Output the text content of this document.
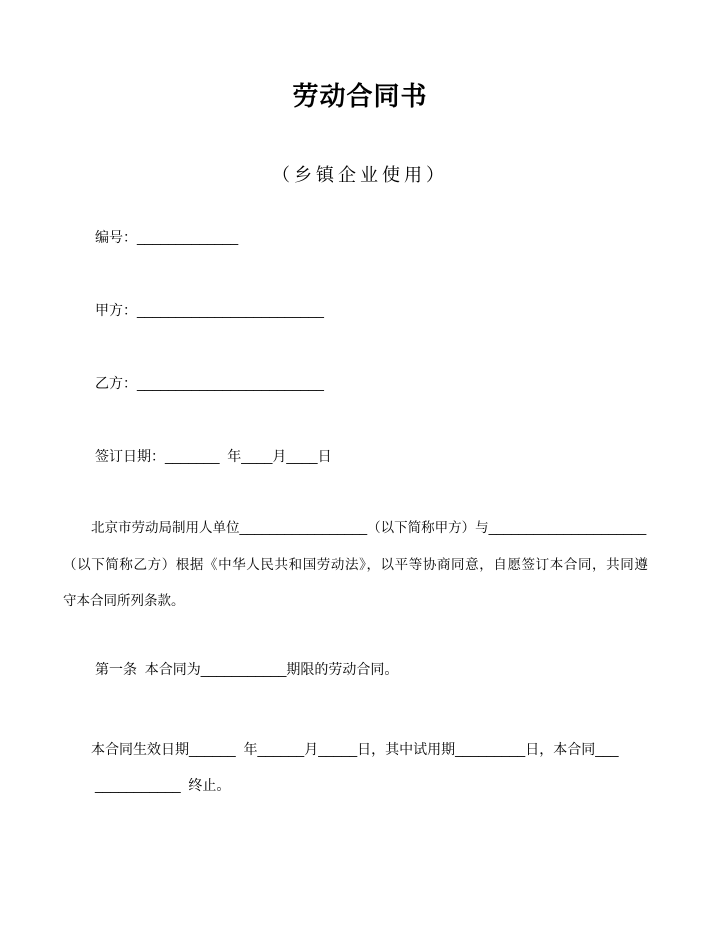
劳动合同书
（乡镇企业使用）
编号：_____________
甲方：________________________
乙方：________________________
签订日期：_______  年____月____日
北京市劳动局制用人单位_________________（以下简称甲方）与_____________________
（以下简称乙方）根据《中华人民共和国劳动法》，以平等协商同意，自愿签订本合同，共同遵
守本合同所列条款。
第一条  本合同为___________期限的劳动合同。
本合同生效日期______  年______月_____日，其中试用期_________日，本合同___
___________  终止。
